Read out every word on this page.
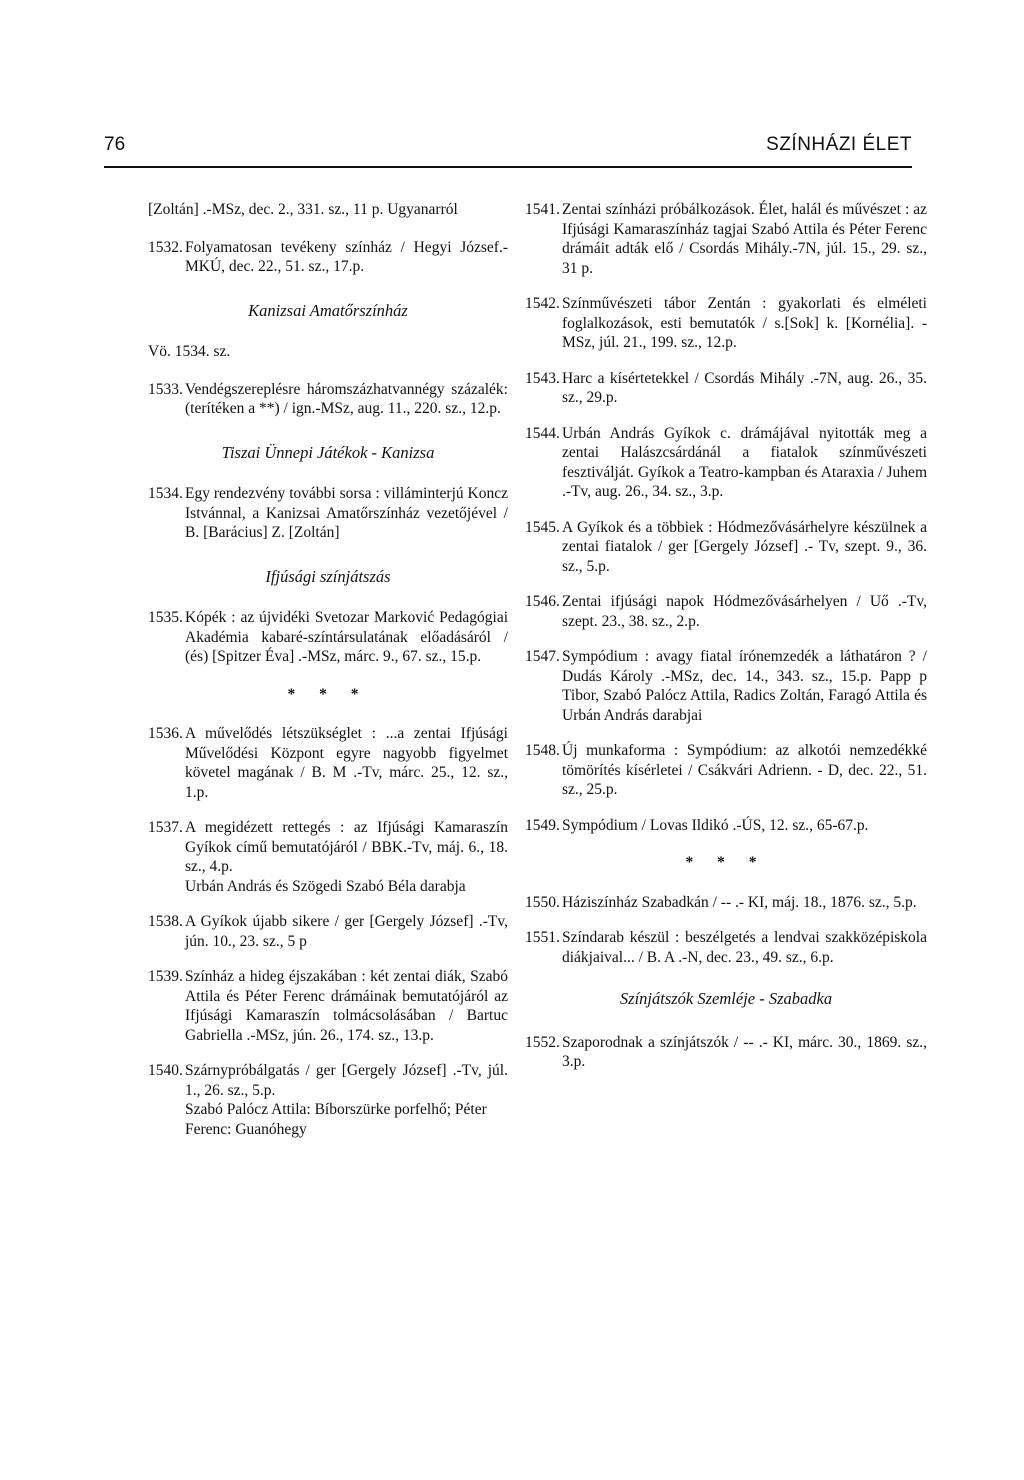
76	SZÍNHÁZI ÉLET
[Zoltán] .-MSz, dec. 2., 331. sz., 11 p. Ugyanarról
1532. Folyamatosan tevékeny színház / Hegyi József.-MKÚ, dec. 22., 51. sz., 17.p.
Kanizsai Amatőrszínház
Vö. 1534. sz.
1533. Vendégszereplésre háromszázhatvannégy százalék: (terítéken a **) / ign.-MSz, aug. 11., 220. sz., 12.p.
Tiszai Ünnepi Játékok - Kanizsa
1534. Egy rendezvény további sorsa : villáminterjú Koncz Istvánnal, a Kanizsai Amatőrszínház vezetőjével / B. [Barácius] Z. [Zoltán]
Ifjúsági színjátszás
1535. Kópék : az újvidéki Svetozar Marković Pedagógiai Akadémia kabaré-színtársulatának előadásáról / (és) [Spitzer Éva] .-MSz, márc. 9., 67. sz., 15.p.
* * *
1536. A művelődés létszükséglet : ...a zentai Ifjúsági Művelődési Központ egyre nagyobb figyelmet követel magának / B. M .-Tv, márc. 25., 12. sz., 1.p.
1537. A megidézett rettegés : az Ifjúsági Kamaraszín Gyíkok című bemutatójáról / BBK.-Tv, máj. 6., 18. sz., 4.p.
Urbán András és Szögedi Szabó Béla darabja
1538. A Gyíkok újabb sikere / ger [Gergely József] .-Tv, jún. 10., 23. sz., 5 p
1539. Színház a hideg éjszakában : két zentai diák, Szabó Attila és Péter Ferenc drámáinak bemutatójáról az Ifjúsági Kamaraszín tolmácsolásában / Bartuc Gabriella .-MSz, jún. 26., 174. sz., 13.p.
1540. Szárnypróbálgatás / ger [Gergely József] .-Tv, júl. 1., 26. sz., 5.p.
Szabó Palócz Attila: Bíborszürke porfelhő; Péter Ferenc: Guanóhegy
1541. Zentai színházi próbálkozások. Élet, halál és művészet : az Ifjúsági Kamaraszínház tagjai Szabó Attila és Péter Ferenc drámáit adták elő / Csordás Mihály.-7N, júl. 15., 29. sz., 31 p.
1542. Színművészeti tábor Zentán : gyakorlati és elméleti foglalkozások, esti bemutatók / s.[Sok] k. [Kornélia]. - MSz, júl. 21., 199. sz., 12.p.
1543. Harc a kísértetekkel / Csordás Mihály .-7N, aug. 26., 35. sz., 29.p.
1544. Urbán András Gyíkok c. drámájával nyitották meg a zentai Halászcsárdánál a fiatalok színművészeti fesztiválját. Gyíkok a Teatro-kampban és Ataraxia / Juhem .-Tv, aug. 26., 34. sz., 3.p.
1545. A Gyíkok és a többiek : Hódmezővásárhelyre készülnek a zentai fiatalok / ger [Gergely József] .- Tv, szept. 9., 36. sz., 5.p.
1546. Zentai ifjúsági napok Hódmezővásárhelyen / Uő .-Tv, szept. 23., 38. sz., 2.p.
1547. Sympódium : avagy fiatal írónemzedék a láthatáron ? / Dudás Károly .-MSz, dec. 14., 343. sz., 15.p. Papp p Tibor, Szabó Palócz Attila, Radics Zoltán, Faragó Attila és Urbán András darabjai
1548. Új munkaforma : Sympódium: az alkotói nemzedékké tömörítés kísérletei / Csákvári Adrienn. - D, dec. 22., 51. sz., 25.p.
1549. Sympódium / Lovas Ildikó .-ÚS, 12. sz., 65-67.p.
* * *
1550. Háziszínház Szabadkán / -- .- KI, máj. 18., 1876. sz., 5.p.
1551. Színdarab készül : beszélgetés a lendvai szakközépiskola diákjaival... / B. A .-N, dec. 23., 49. sz., 6.p.
Színjátszók Szemléje - Szabadka
1552. Szaporodnak a színjátszók / -- .- KI, márc. 30., 1869. sz., 3.p.
